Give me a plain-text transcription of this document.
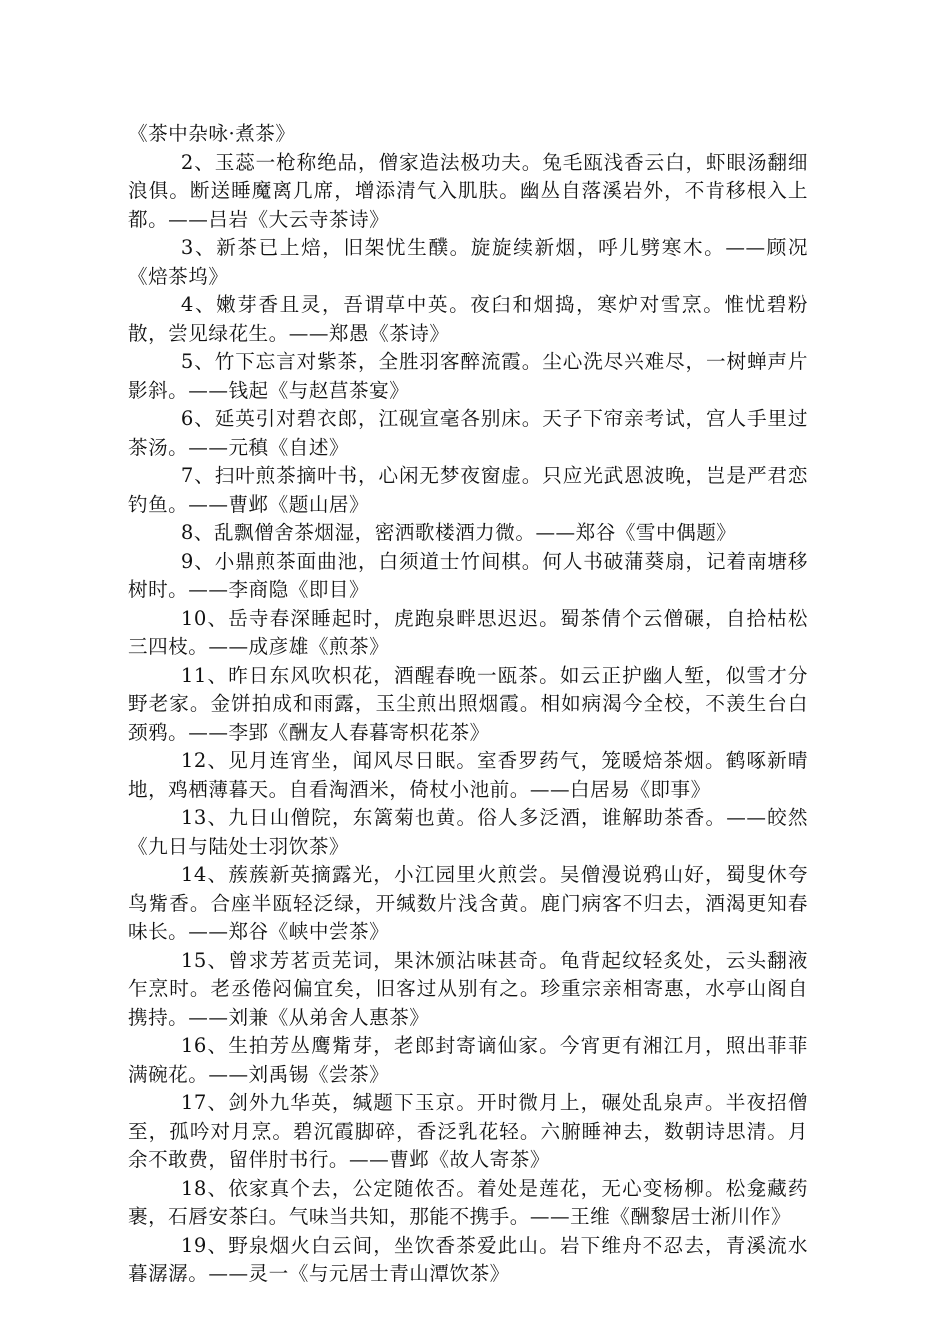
《茶中杂咏·煮茶》

2、玉蕊一枪称绝品，僧家造法极功夫。兔毛瓯浅香云白，虾眼汤翻细浪俱。断送睡魔离几席，增添清气入肌肤。幽丛自落溪岩外，不肯移根入上都。——吕岩《大云寺茶诗》

3、新茶已上焙，旧架忧生醭。旋旋续新烟，呼儿劈寒木。——顾况《焙茶坞》

4、嫩芽香且灵，吾谓草中英。夜臼和烟捣，寒炉对雪烹。惟忧碧粉散，尝见绿花生。——郑愚《茶诗》

5、竹下忘言对紫茶，全胜羽客醉流霞。尘心洗尽兴难尽，一树蝉声片影斜。——钱起《与赵莒茶宴》

6、延英引对碧衣郎，江砚宣毫各别床。天子下帘亲考试，宫人手里过茶汤。——元稹《自述》

7、扫叶煎茶摘叶书，心闲无梦夜窗虚。只应光武恩波晚，岂是严君恋钓鱼。——曹邺《题山居》

8、乱飘僧舍茶烟湿，密洒歌楼酒力微。——郑谷《雪中偶题》

9、小鼎煎茶面曲池，白须道士竹间棋。何人书破蒲葵扇，记着南塘移树时。——李商隐《即目》

10、岳寺春深睡起时，虎跑泉畔思迟迟。蜀茶倩个云僧碾，自拾枯松三四枝。——成彦雄《煎茶》

11、昨日东风吹枳花，酒醒春晚一瓯茶。如云正护幽人堑，似雪才分野老家。金饼拍成和雨露，玉尘煎出照烟霞。相如病渴今全校，不羡生台白颈鸦。——李郢《酬友人春暮寄枳花茶》

12、见月连宵坐，闻风尽日眠。室香罗药气，笼暖焙茶烟。鹤啄新晴地，鸡栖薄暮天。自看淘酒米，倚杖小池前。——白居易《即事》

13、九日山僧院，东篱菊也黄。俗人多泛酒，谁解助茶香。——皎然《九日与陆处士羽饮茶》

14、蔟蔟新英摘露光，小江园里火煎尝。吴僧漫说鸦山好，蜀叟休夸鸟觜香。合座半瓯轻泛绿，开缄数片浅含黄。鹿门病客不归去，酒渴更知春味长。——郑谷《峡中尝茶》

15、曾求芳茗贡芜词，果沐颁沾味甚奇。龟背起纹轻炙处，云头翻液乍烹时。老丞倦闷偏宜矣，旧客过从别有之。珍重宗亲相寄惠，水亭山阁自携持。——刘兼《从弟舍人惠茶》

16、生拍芳丛鹰觜芽，老郎封寄谪仙家。今宵更有湘江月，照出菲菲满碗花。——刘禹锡《尝茶》

17、剑外九华英，缄题下玉京。开时微月上，碾处乱泉声。半夜招僧至，孤吟对月烹。碧沉霞脚碎，香泛乳花轻。六腑睡神去，数朝诗思清。月余不敢费，留伴肘书行。——曹邺《故人寄茶》

18、依家真个去，公定随侬否。着处是莲花，无心变杨柳。松龛藏药裹，石唇安茶臼。气味当共知，那能不携手。——王维《酬黎居士淅川作》

19、野泉烟火白云间，坐饮香茶爱此山。岩下维舟不忍去，青溪流水暮潺潺。——灵一《与元居士青山潭饮茶》
